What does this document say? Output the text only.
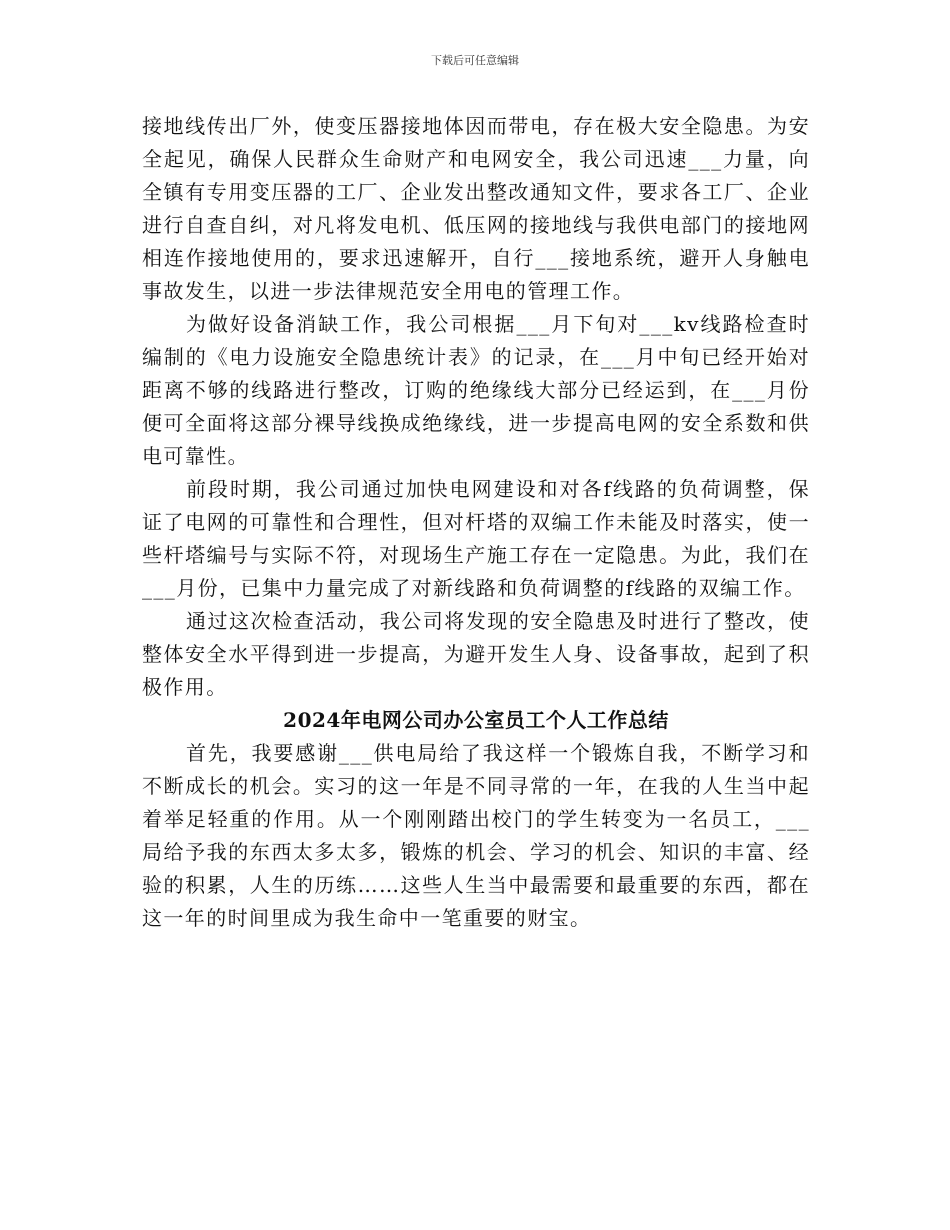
下载后可任意编辑

接地线传出厂外，使变压器接地体因而带电，存在极大安全隐患。为安全起见，确保人民群众生命财产和电网安全，我公司迅速___力量，向全镇有专用变压器的工厂、企业发出整改通知文件，要求各工厂、企业进行自查自纠，对凡将发电机、低压网的接地线与我供电部门的接地网相连作接地使用的，要求迅速解开，自行___接地系统，避开人身触电事故发生，以进一步法律规范安全用电的管理工作。

为做好设备消缺工作，我公司根据___月下旬对___kv线路检查时编制的《电力设施安全隐患统计表》的记录，在___月中旬已经开始对距离不够的线路进行整改，订购的绝缘线大部分已经运到，在___月份便可全面将这部分裸导线换成绝缘线，进一步提高电网的安全系数和供电可靠性。

前段时期，我公司通过加快电网建设和对各f线路的负荷调整，保证了电网的可靠性和合理性，但对杆塔的双编工作未能及时落实，使一些杆塔编号与实际不符，对现场生产施工存在一定隐患。为此，我们在___月份，已集中力量完成了对新线路和负荷调整的f线路的双编工作。

通过这次检查活动，我公司将发现的安全隐患及时进行了整改，使整体安全水平得到进一步提高，为避开发生人身、设备事故，起到了积极作用。

2024年电网公司办公室员工个人工作总结

首先，我要感谢___供电局给了我这样一个锻炼自我，不断学习和不断成长的机会。实习的这一年是不同寻常的一年，在我的人生当中起着举足轻重的作用。从一个刚刚踏出校门的学生转变为一名员工，___局给予我的东西太多太多，锻炼的机会、学习的机会、知识的丰富、经验的积累，人生的历练……这些人生当中最需要和最重要的东西，都在这一年的时间里成为我生命中一笔重要的财宝。
